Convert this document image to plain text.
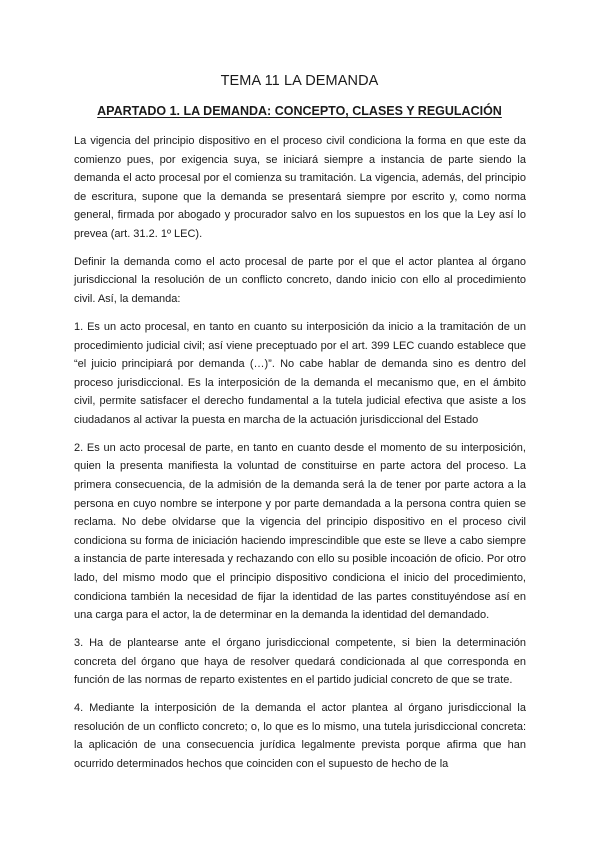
TEMA 11 LA DEMANDA
APARTADO 1. LA DEMANDA: CONCEPTO, CLASES Y REGULACIÓN

La vigencia del principio dispositivo en el proceso civil condiciona la forma en que este da comienzo pues, por exigencia suya, se iniciará siempre a instancia de parte siendo la demanda el acto procesal por el comienza su tramitación. La vigencia, además, del principio de escritura, supone que la demanda se presentará siempre por escrito y, como norma general, firmada por abogado y procurador salvo en los supuestos en los que la Ley así lo prevea (art. 31.2. 1º LEC).

Definir la demanda como el acto procesal de parte por el que el actor plantea al órgano jurisdiccional la resolución de un conflicto concreto, dando inicio con ello al procedimiento civil. Así, la demanda:

1. Es un acto procesal, en tanto en cuanto su interposición da inicio a la tramitación de un procedimiento judicial civil; así viene preceptuado por el art. 399 LEC cuando establece que “el juicio principiará por demanda (…)”. No cabe hablar de demanda sino es dentro del proceso jurisdiccional. Es la interposición de la demanda el mecanismo que, en el ámbito civil, permite satisfacer el derecho fundamental a la tutela judicial efectiva que asiste a los ciudadanos al activar la puesta en marcha de la actuación jurisdiccional del Estado

2. Es un acto procesal de parte, en tanto en cuanto desde el momento de su interposición, quien la presenta manifiesta la voluntad de constituirse en parte actora del proceso. La primera consecuencia, de la admisión de la demanda será la de tener por parte actora a la persona en cuyo nombre se interpone y por parte demandada a la persona contra quien se reclama. No debe olvidarse que la vigencia del principio dispositivo en el proceso civil condiciona su forma de iniciación haciendo imprescindible que este se lleve a cabo siempre a instancia de parte interesada y rechazando con ello su posible incoación de oficio. Por otro lado, del mismo modo que el principio dispositivo condiciona el inicio del procedimiento, condiciona también la necesidad de fijar la identidad de las partes constituyéndose así en una carga para el actor, la de determinar en la demanda la identidad del demandado.

3. Ha de plantearse ante el órgano jurisdiccional competente, si bien la determinación concreta del órgano que haya de resolver quedará condicionada al que corresponda en función de las normas de reparto existentes en el partido judicial concreto de que se trate.

4. Mediante la interposición de la demanda el actor plantea al órgano jurisdiccional la resolución de un conflicto concreto; o, lo que es lo mismo, una tutela jurisdiccional concreta: la aplicación de una consecuencia jurídica legalmente prevista porque afirma que han ocurrido determinados hechos que coinciden con el supuesto de hecho de la
